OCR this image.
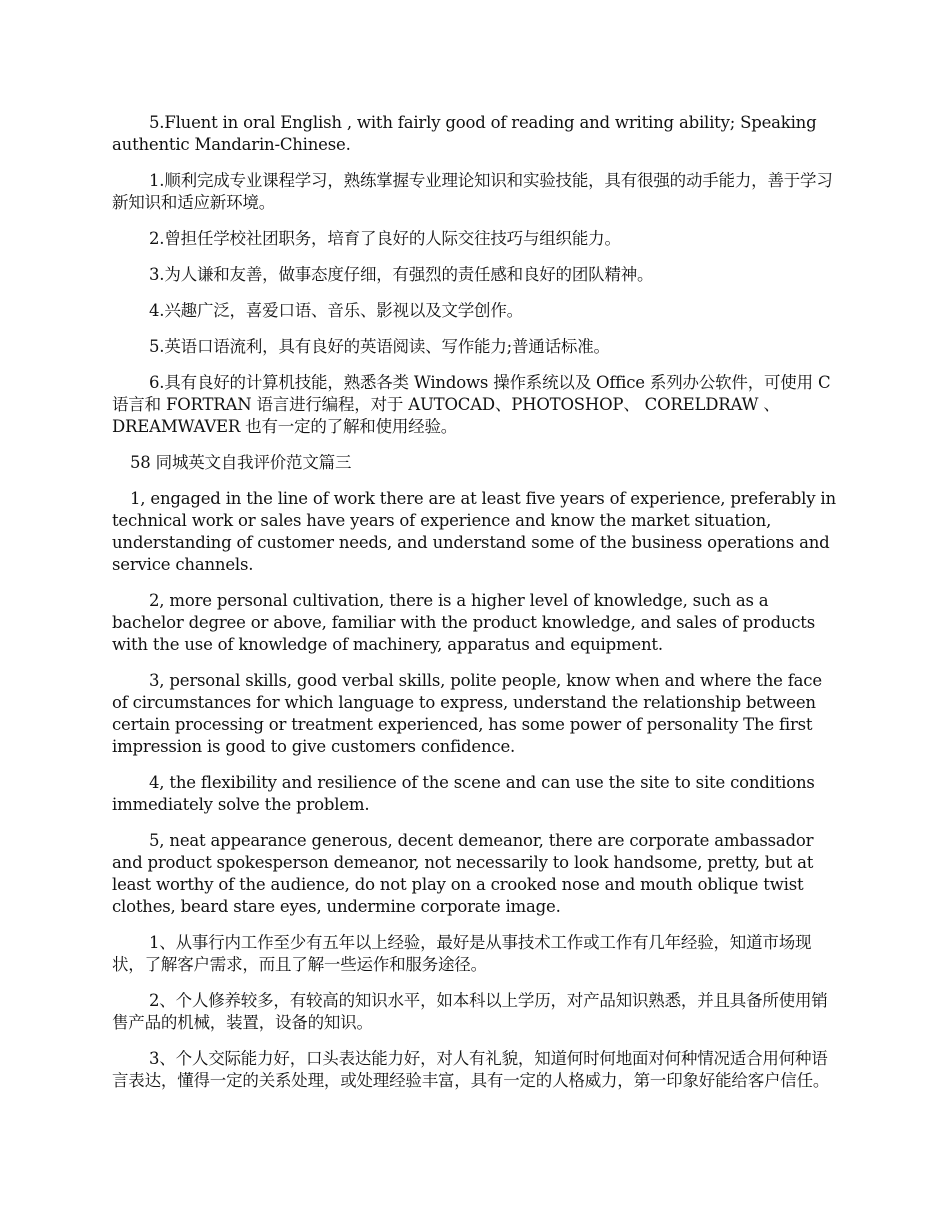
5.Fluent in oral English , with fairly good of reading and writing ability; Speaking authentic Mandarin-Chinese.

1.顺利完成专业课程学习，熟练掌握专业理论知识和实验技能，具有很强的动手能力，善于学习新知识和适应新环境。

2.曾担任学校社团职务，培育了良好的人际交往技巧与组织能力。

3.为人谦和友善，做事态度仔细，有强烈的责任感和良好的团队精神。

4.兴趣广泛，喜爱口语、音乐、影视以及文学创作。

5.英语口语流利，具有良好的英语阅读、写作能力;普通话标准。

6.具有良好的计算机技能，熟悉各类 Windows 操作系统以及 Office 系列办公软件，可使用 C 语言和 FORTRAN 语言进行编程，对于 AUTOCAD、PHOTOSHOP、 CORELDRAW 、DREAMWAVER 也有一定的了解和使用经验。

58 同城英文自我评价范文篇三

1, engaged in the line of work there are at least five years of experience, preferably in technical work or sales have years of experience and know the market situation, understanding of customer needs, and understand some of the business operations and service channels.

2, more personal cultivation, there is a higher level of knowledge, such as a bachelor degree or above, familiar with the product knowledge, and sales of products with the use of knowledge of machinery, apparatus and equipment.

3, personal skills, good verbal skills, polite people, know when and where the face of circumstances for which language to express, understand the relationship between certain processing or treatment experienced, has some power of personality The first impression is good to give customers confidence.

4, the flexibility and resilience of the scene and can use the site to site conditions immediately solve the problem.

5, neat appearance generous, decent demeanor, there are corporate ambassador and product spokesperson demeanor, not necessarily to look handsome, pretty, but at least worthy of the audience, do not play on a crooked nose and mouth oblique twist clothes, beard stare eyes, undermine corporate image.

1、从事行内工作至少有五年以上经验，最好是从事技术工作或工作有几年经验，知道市场现状，了解客户需求，而且了解一些运作和服务途径。

2、个人修养较多，有较高的知识水平，如本科以上学历，对产品知识熟悉，并且具备所使用销售产品的机械，装置，设备的知识。

3、个人交际能力好，口头表达能力好，对人有礼貌，知道何时何地面对何种情况适合用何种语言表达，懂得一定的关系处理，或处理经验丰富，具有一定的人格威力，第一印象好能给客户信任。
